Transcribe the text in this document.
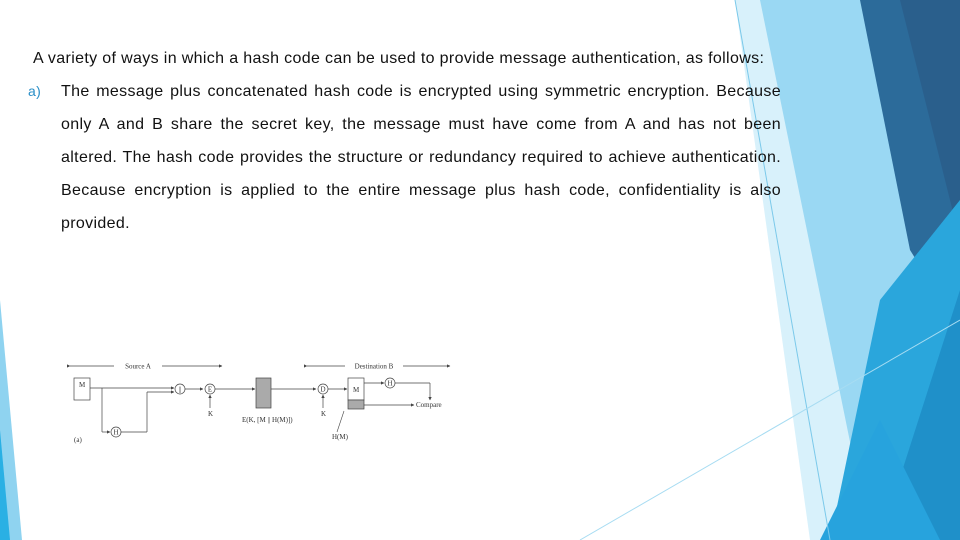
A variety of ways in which a hash code can be used to provide message authentication, as follows:

a)	The message plus concatenated hash code is encrypted using symmetric encryption. Because only A and B share the secret key, the message must have come from A and has not been altered. The hash code provides the structure or redundancy required to achieve authentication. Because encryption is applied to the entire message plus hash code, confidentiality is also provided.

Source A	Destination B
M
H
||	E
K
E(K, [M || H(M)])
D
K
M
H
Compare
H(M)
(a)
